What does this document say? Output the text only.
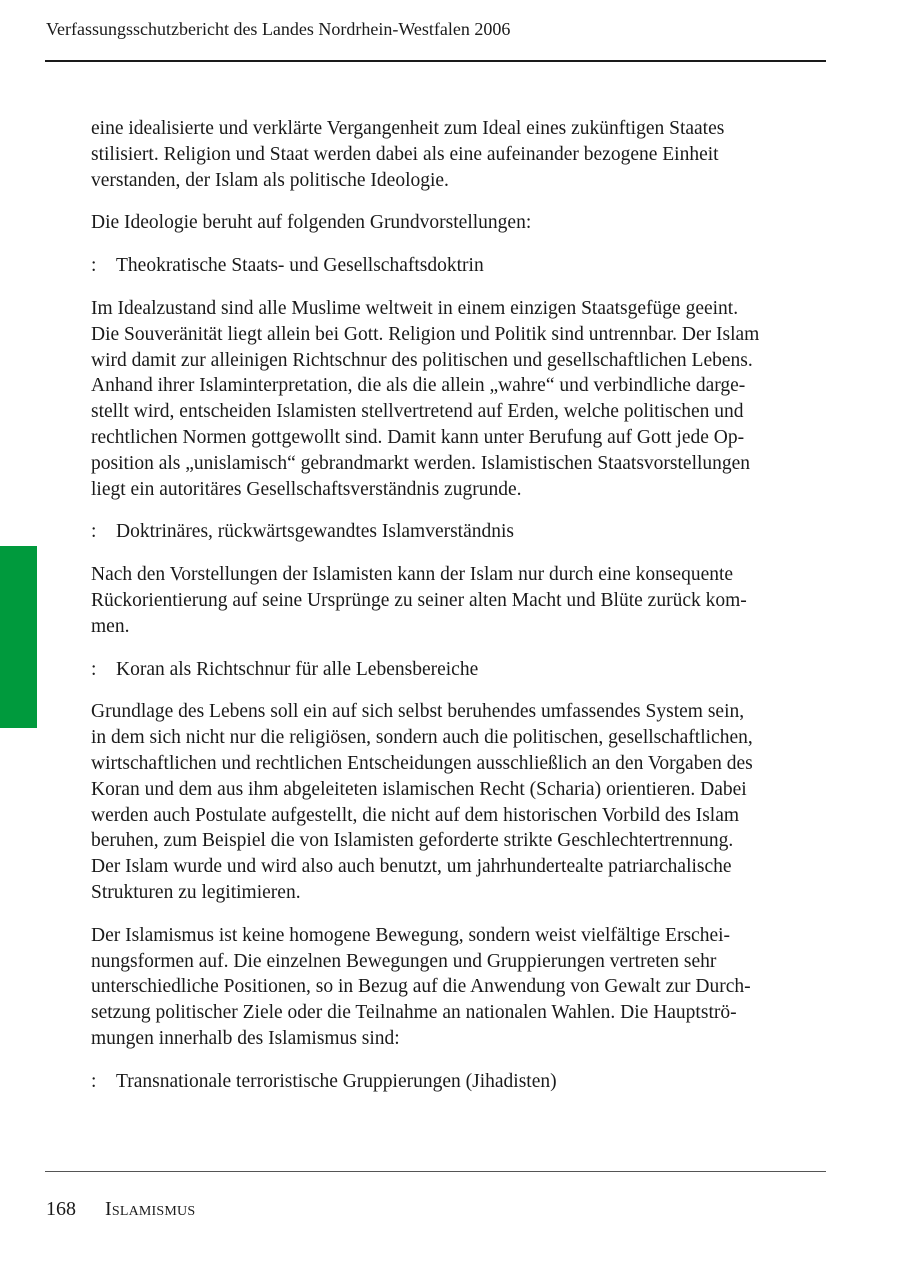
Verfassungsschutzbericht des Landes Nordrhein-Westfalen 2006

eine idealisierte und verklärte Vergangenheit zum Ideal eines zukünftigen Staates
stilisiert. Religion und Staat werden dabei als eine aufeinander bezogene Einheit
verstanden, der Islam als politische Ideologie.

Die Ideologie beruht auf folgenden Grundvorstellungen:

:	Theokratische Staats- und Gesellschaftsdoktrin

Im Idealzustand sind alle Muslime weltweit in einem einzigen Staatsgefüge geeint.
Die Souveränität liegt allein bei Gott. Religion und Politik sind untrennbar. Der Islam
wird damit zur alleinigen Richtschnur des politischen und gesellschaftlichen Lebens.
Anhand ihrer Islaminterpretation, die als die allein „wahre“ und verbindliche darge-
stellt wird, entscheiden Islamisten stellvertretend auf Erden, welche politischen und
rechtlichen Normen gottgewollt sind. Damit kann unter Berufung auf Gott jede Op-
position als „unislamisch“ gebrandmarkt werden. Islamistischen Staatsvorstellungen
liegt ein autoritäres Gesellschaftsverständnis zugrunde.

:	Doktrinäres, rückwärtsgewandtes Islamverständnis

Nach den Vorstellungen der Islamisten kann der Islam nur durch eine konsequente
Rückorientierung auf seine Ursprünge zu seiner alten Macht und Blüte zurück kom-
men.

:	Koran als Richtschnur für alle Lebensbereiche

Grundlage des Lebens soll ein auf sich selbst beruhendes umfassendes System sein,
in dem sich nicht nur die religiösen, sondern auch die politischen, gesellschaftlichen,
wirtschaftlichen und rechtlichen Entscheidungen ausschließlich an den Vorgaben des
Koran und dem aus ihm abgeleiteten islamischen Recht (Scharia) orientieren. Dabei
werden auch Postulate aufgestellt, die nicht auf dem historischen Vorbild des Islam
beruhen, zum Beispiel die von Islamisten geforderte strikte Geschlechtertrennung.
Der Islam wurde und wird also auch benutzt, um jahrhundertealte patriarchalische
Strukturen zu legitimieren.

Der Islamismus ist keine homogene Bewegung, sondern weist vielfältige Erschei-
nungsformen auf. Die einzelnen Bewegungen und Gruppierungen vertreten sehr
unterschiedliche Positionen, so in Bezug auf die Anwendung von Gewalt zur Durch-
setzung politischer Ziele oder die Teilnahme an nationalen Wahlen. Die Hauptströ-
mungen innerhalb des Islamismus sind:

:	Transnationale terroristische Gruppierungen (Jihadisten)
168 Islamismus
